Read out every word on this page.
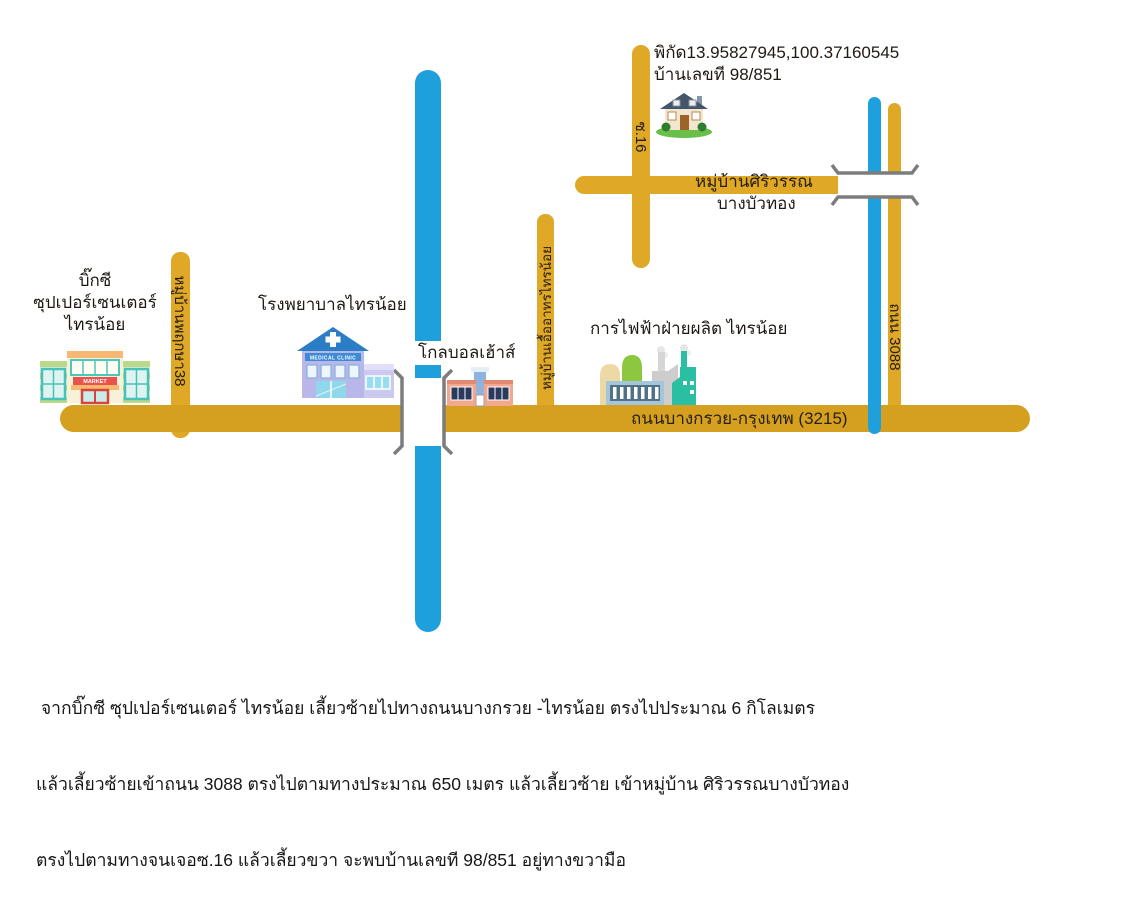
MARKET
MEDICAL CLINIC
พิกัด13.95827945,100.37160545
บ้านเลขที 98/851
บิ๊กซี
ซุปเปอร์เซนเตอร์
ไทรน้อย
โรงพยาบาลไทรน้อย
โกลบอลเฮ้าส์
การไฟฟ้าฝ่ายผลิต ไทรน้อย
หมู่บ้านศิริวรรณ
บางบัวทอง
ถนนบางกรวย-กรุงเทพ (3215)
หมู่บ้านพฤกษา38	หมู่บ้านเอื้ออาทรไทรน้อย
ซ.16
ถนน 3088

จากบิ๊กซี ซุปเปอร์เซนเตอร์ ไทรน้อย เลี้ยวซ้ายไปทางถนนบางกรวย -ไทรน้อย ตรงไปประมาณ 6 กิโลเมตร

แล้วเลี้ยวซ้ายเข้าถนน 3088 ตรงไปตามทางประมาณ 650 เมตร แล้วเลี้ยวซ้าย เข้าหมู่บ้าน ศิริวรรณบางบัวทอง

ตรงไปตามทางจนเจอซ.16 แล้วเลี้ยวขวา จะพบบ้านเลขที 98/851 อยู่ทางขวามือ
